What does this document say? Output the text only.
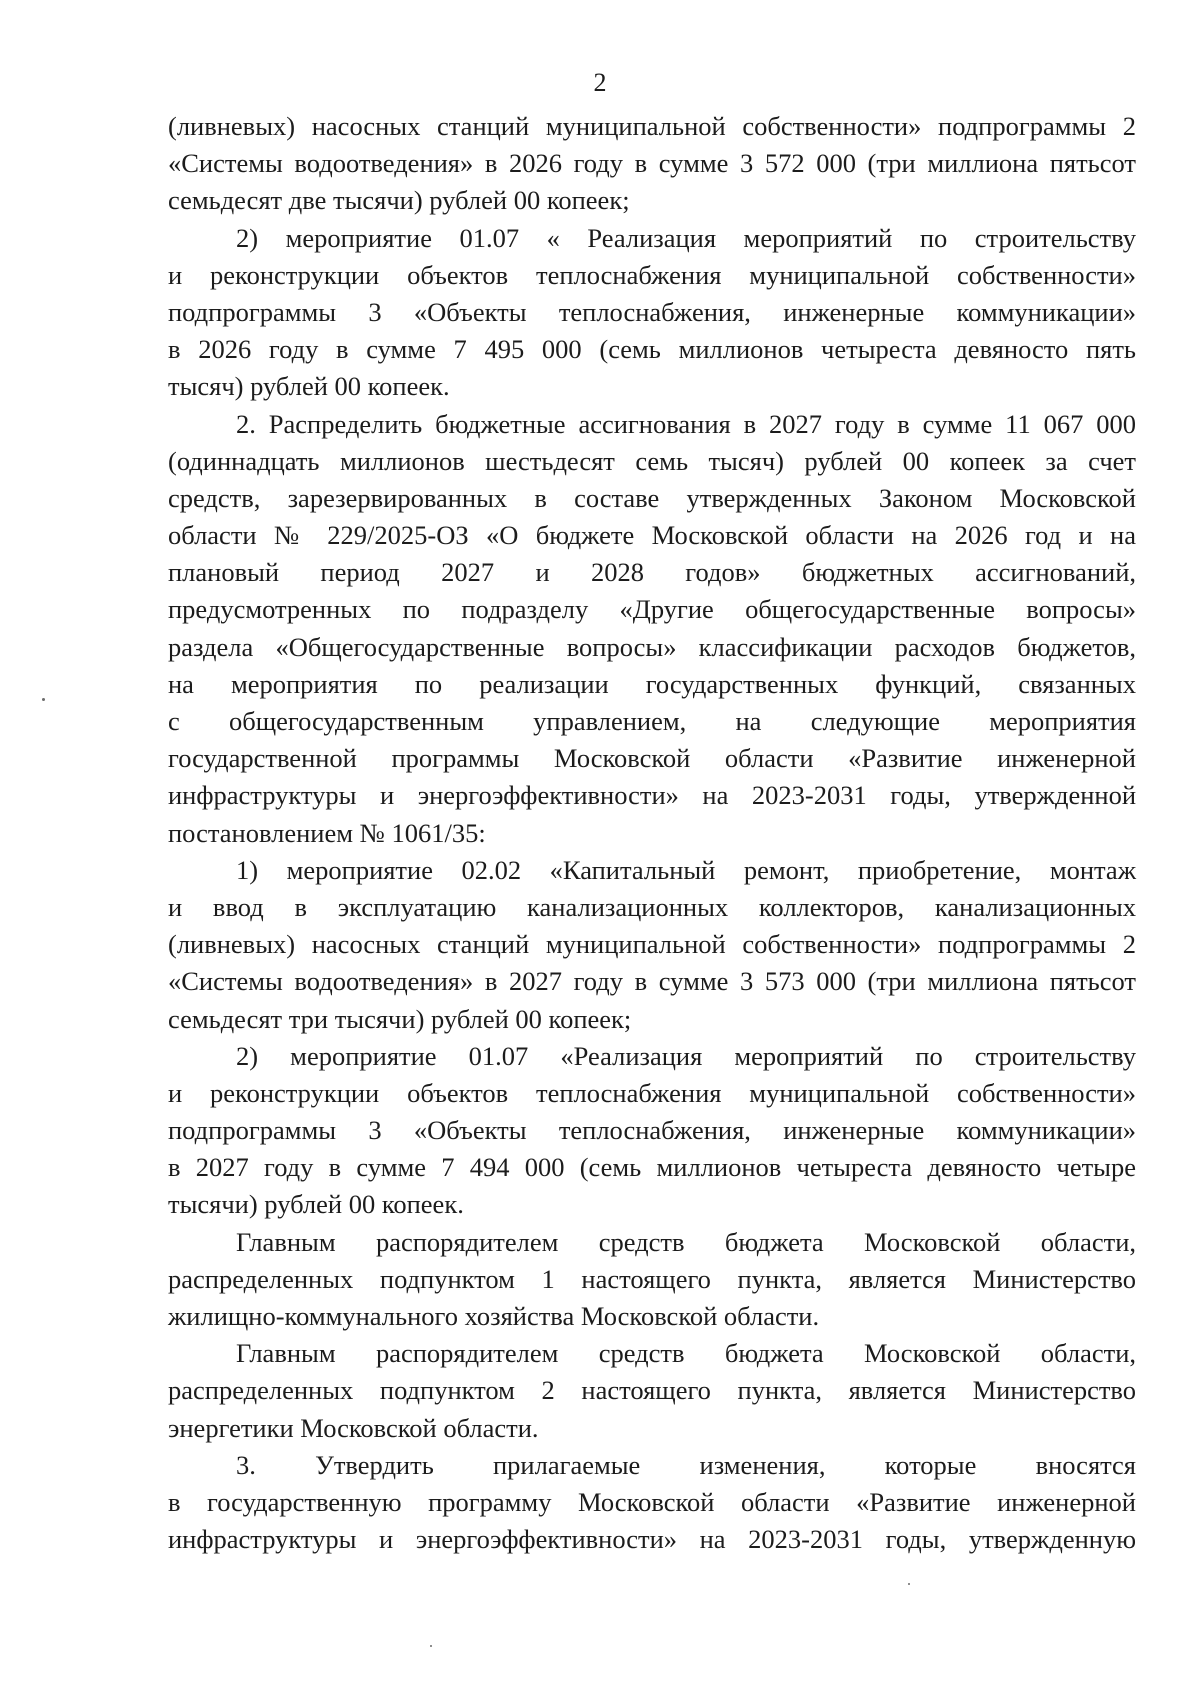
2
(ливневых) насосных станций муниципальной собственности» подпрограммы 2
«Системы водоотведения» в 2026 году в сумме 3 572 000 (три миллиона пятьсот
семьдесят две тысячи) рублей 00 копеек;
2) мероприятие 01.07 « Реализация мероприятий по строительству
и реконструкции объектов теплоснабжения муниципальной собственности»
подпрограммы 3 «Объекты теплоснабжения, инженерные коммуникации»
в 2026 году в сумме 7 495 000 (семь миллионов четыреста девяносто пять
тысяч) рублей 00 копеек.
2. Распределить бюджетные ассигнования в 2027 году в сумме 11 067 000
(одиннадцать миллионов шестьдесят семь тысяч) рублей 00 копеек за счет
средств, зарезервированных в составе утвержденных Законом Московской
области № 229/2025-ОЗ «О бюджете Московской области на 2026 год и на
плановый период 2027 и 2028 годов» бюджетных ассигнований,
предусмотренных по подразделу «Другие общегосударственные вопросы»
раздела «Общегосударственные вопросы» классификации расходов бюджетов,
на мероприятия по реализации государственных функций, связанных
с общегосударственным управлением, на следующие мероприятия
государственной программы Московской области «Развитие инженерной
инфраструктуры и энергоэффективности» на 2023-2031 годы, утвержденной
постановлением № 1061/35:
1) мероприятие 02.02 «Капитальный ремонт, приобретение, монтаж
и ввод в эксплуатацию канализационных коллекторов, канализационных
(ливневых) насосных станций муниципальной собственности» подпрограммы 2
«Системы водоотведения» в 2027 году в сумме 3 573 000 (три миллиона пятьсот
семьдесят три тысячи) рублей 00 копеек;
2) мероприятие 01.07 «Реализация мероприятий по строительству
и реконструкции объектов теплоснабжения муниципальной собственности»
подпрограммы 3 «Объекты теплоснабжения, инженерные коммуникации»
в 2027 году в сумме 7 494 000 (семь миллионов четыреста девяносто четыре
тысячи) рублей 00 копеек.
Главным распорядителем средств бюджета Московской области,
распределенных подпунктом 1 настоящего пункта, является Министерство
жилищно-коммунального хозяйства Московской области.
Главным распорядителем средств бюджета Московской области,
распределенных подпунктом 2 настоящего пункта, является Министерство
энергетики Московской области.
3. Утвердить прилагаемые изменения, которые вносятся
в государственную программу Московской области «Развитие инженерной
инфраструктуры и энергоэффективности» на 2023-2031 годы, утвержденную
